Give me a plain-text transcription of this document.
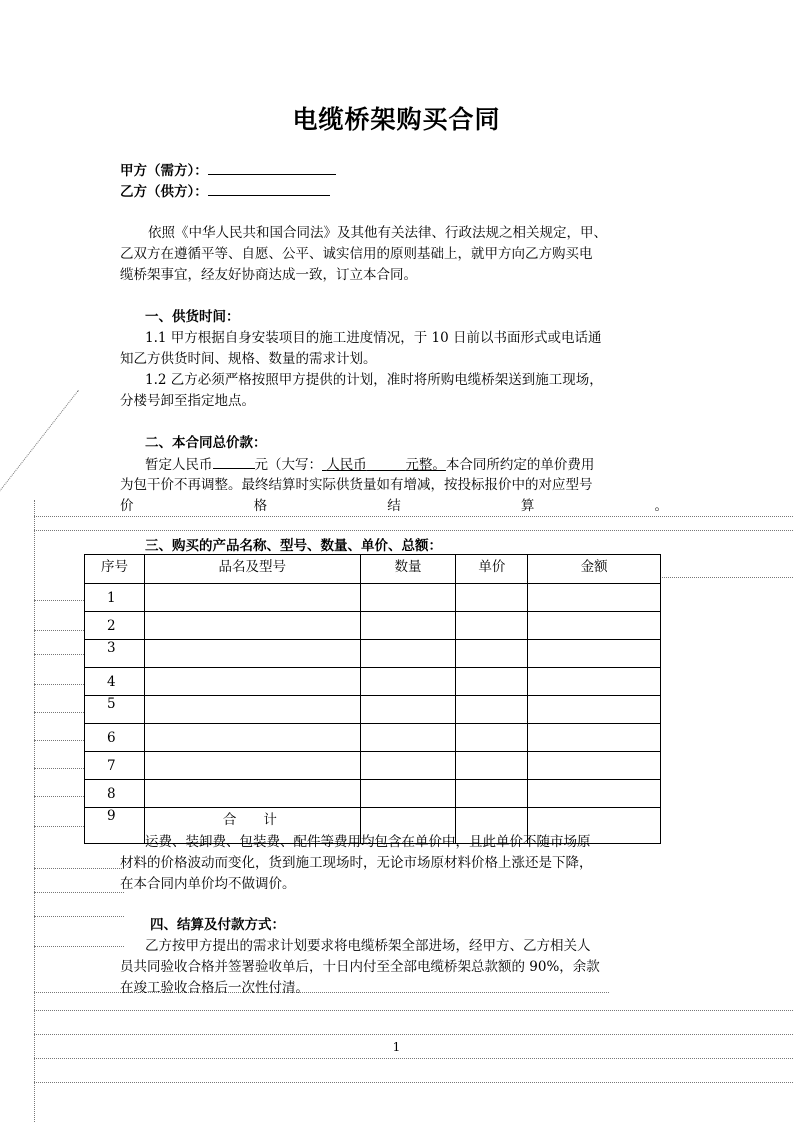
电缆桥架购买合同
甲方（需方）：
乙方（供方）：
依照《中华人民共和国合同法》及其他有关法律、行政法规之相关规定，甲、
乙双方在遵循平等、自愿、公平、诚实信用的原则基础上，就甲方向乙方购买电
缆桥架事宜，经友好协商达成一致，订立本合同。
一、供货时间：
1.1 甲方根据自身安装项目的施工进度情况，于 10 日前以书面形式或电话通
知乙方供货时间、规格、数量的需求计划。
1.2 乙方必须严格按照甲方提供的计划，准时将所购电缆桥架送到施工现场，
分楼号卸至指定地点。
二、本合同总价款：
暂定人民币	元（大写： 人民币	元整。本合同所约定的单价费用
为包干价不再调整。最终结算时实际供货量如有增减，按投标报价中的对应型号
价	格	结	算	。
三、购买的产品名称、型号、数量、单价、总额：
序号	品名及型号	数量	单价	金额
1				
2				
3				
4				
5				
6				
7				
8				
9	合　　计			
运费、装卸费、包装费、配件等费用均包含在单价中，且此单价不随市场原
材料的价格波动而变化，货到施工现场时，无论市场原材料价格上涨还是下降，
在本合同内单价均不做调价。
四、结算及付款方式：
乙方按甲方提出的需求计划要求将电缆桥架全部进场，经甲方、乙方相关人
员共同验收合格并签署验收单后，十日内付至全部电缆桥架总款额的 90%，余款
在竣工验收合格后一次性付清。
1
